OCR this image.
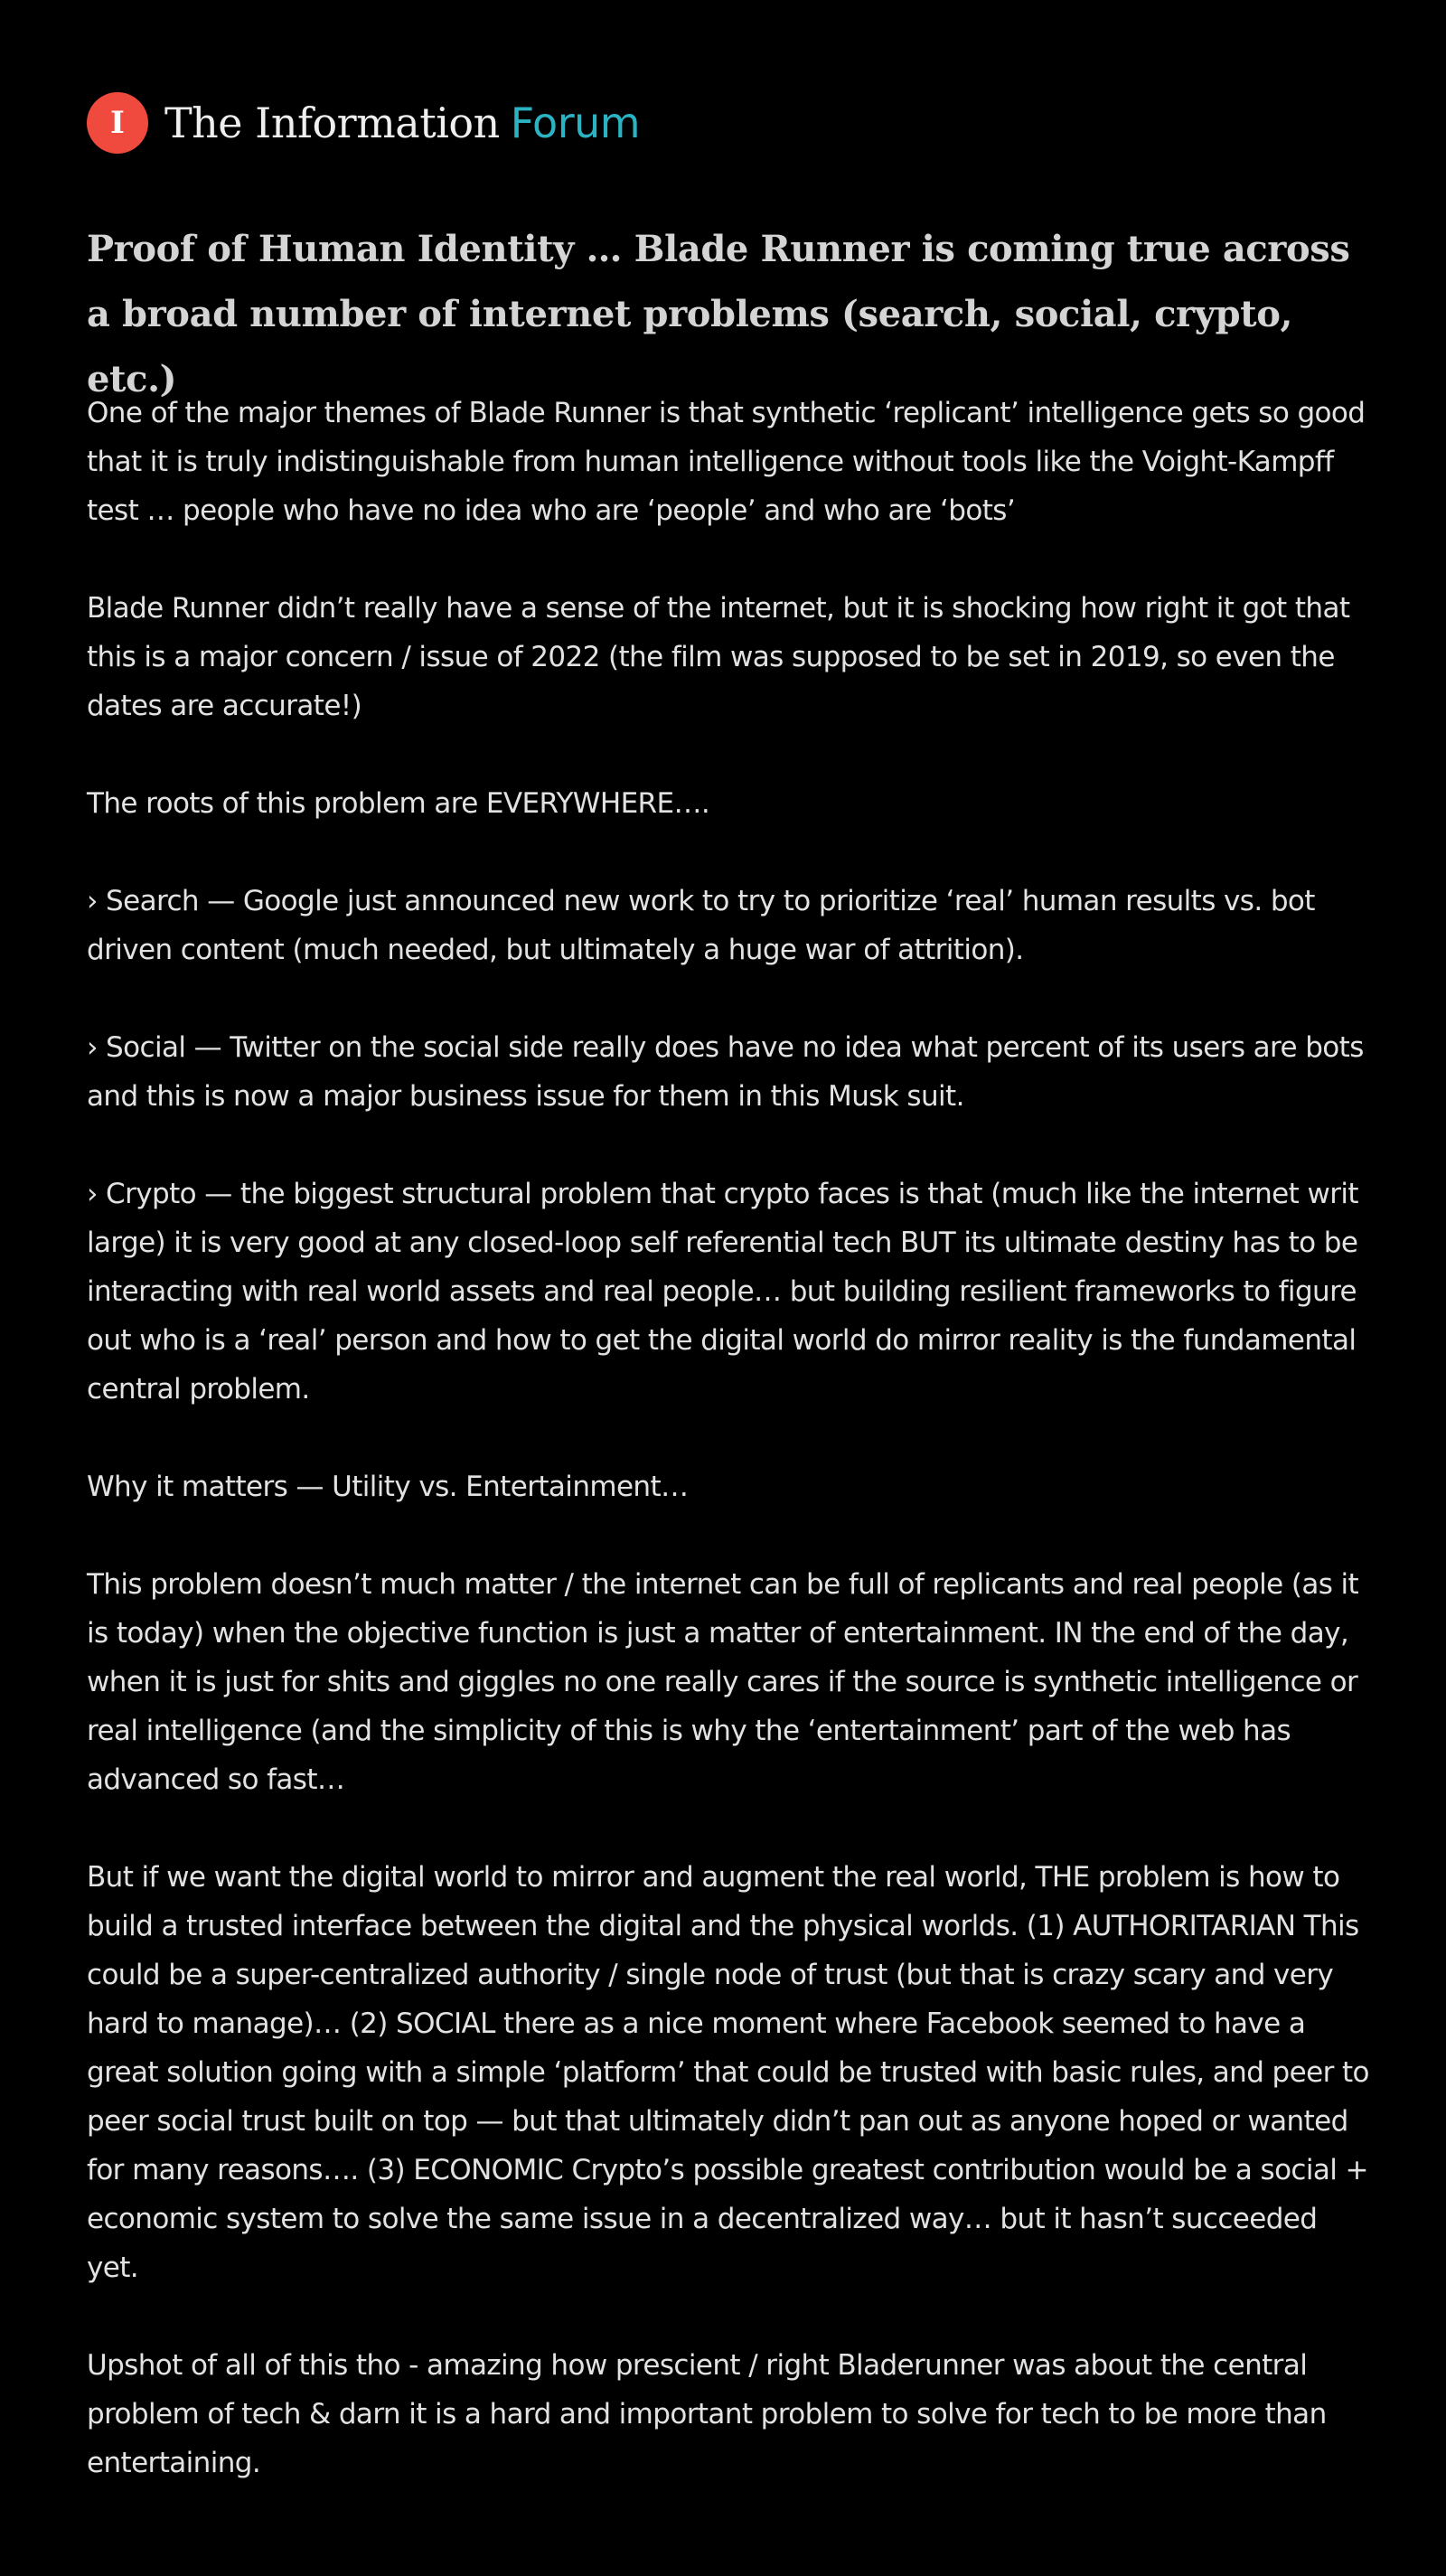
I The Information Forum
Proof of Human Identity … Blade Runner is coming true across a broad number of internet problems (search, social, crypto, etc.)

One of the major themes of Blade Runner is that synthetic ‘replicant’ intelligence gets so good that it is truly indistinguishable from human intelligence without tools like the Voight-Kampff test … people who have no idea who are ‘people’ and who are ‘bots’

Blade Runner didn’t really have a sense of the internet, but it is shocking how right it got that this is a major concern / issue of 2022 (the film was supposed to be set in 2019, so even the dates are accurate!)

The roots of this problem are EVERYWHERE….

› Search — Google just announced new work to try to prioritize ‘real’ human results vs. bot driven content (much needed, but ultimately a huge war of attrition).

› Social — Twitter on the social side really does have no idea what percent of its users are bots and this is now a major business issue for them in this Musk suit.

› Crypto — the biggest structural problem that crypto faces is that (much like the internet writ large) it is very good at any closed-loop self referential tech BUT its ultimate destiny has to be interacting with real world assets and real people… but building resilient frameworks to figure out who is a ‘real’ person and how to get the digital world do mirror reality is the fundamental central problem.

Why it matters — Utility vs. Entertainment…

This problem doesn’t much matter / the internet can be full of replicants and real people (as it is today) when the objective function is just a matter of entertainment. IN the end of the day, when it is just for shits and giggles no one really cares if the source is synthetic intelligence or real intelligence (and the simplicity of this is why the ‘entertainment’ part of the web has advanced so fast…

But if we want the digital world to mirror and augment the real world, THE problem is how to build a trusted interface between the digital and the physical worlds. (1) AUTHORITARIAN This could be a super-centralized authority / single node of trust (but that is crazy scary and very hard to manage)… (2) SOCIAL there as a nice moment where Facebook seemed to have a great solution going with a simple ‘platform’ that could be trusted with basic rules, and peer to peer social trust built on top — but that ultimately didn’t pan out as anyone hoped or wanted for many reasons…. (3) ECONOMIC Crypto’s possible greatest contribution would be a social + economic system to solve the same issue in a decentralized way… but it hasn’t succeeded yet.

Upshot of all of this tho - amazing how prescient / right Bladerunner was about the central problem of tech & darn it is a hard and important problem to solve for tech to be more than entertaining.
